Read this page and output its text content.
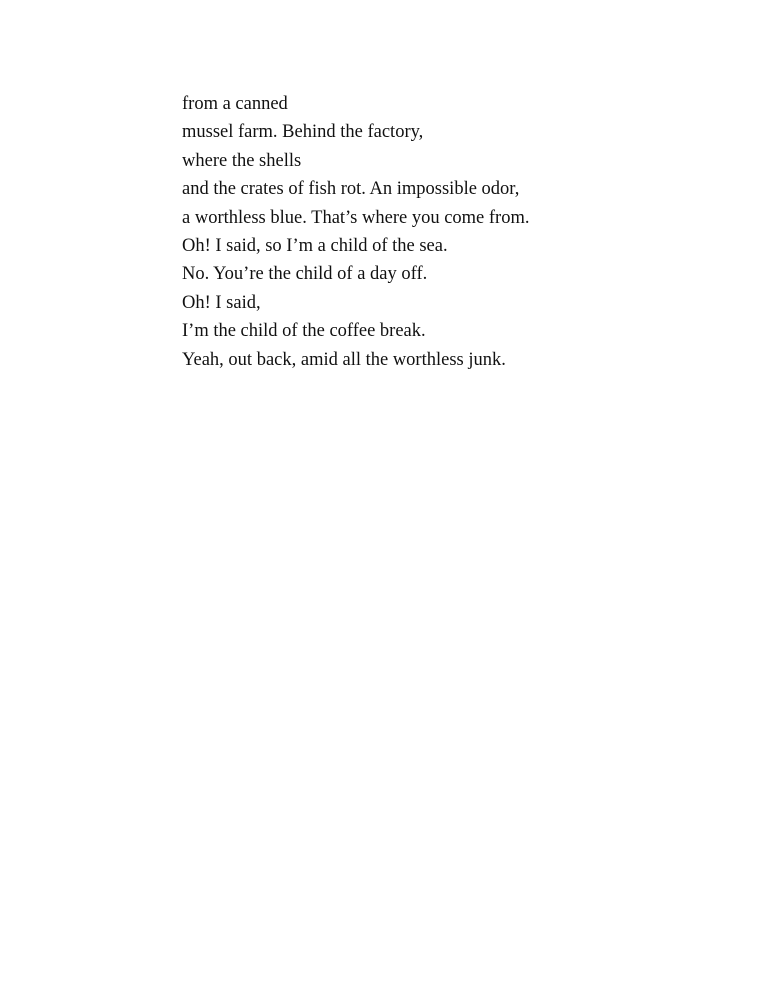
from a canned
mussel farm. Behind the factory,
where the shells
and the crates of fish rot. An impossible odor,
a worthless blue. That’s where you come from.
Oh! I said, so I’m a child of the sea.
No. You’re the child of a day off.
Oh! I said,
I’m the child of the coffee break.
Yeah, out back, amid all the worthless junk.
